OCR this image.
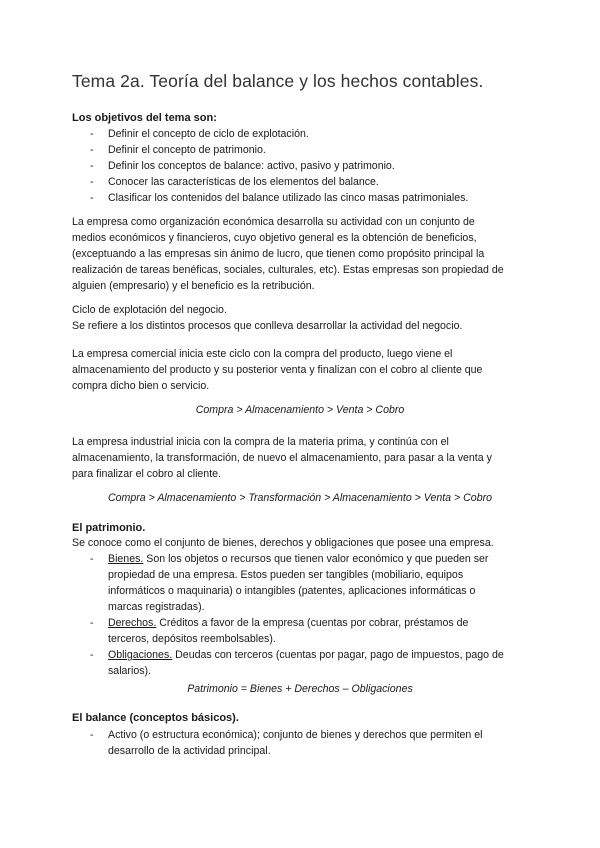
Tema 2a. Teoría del balance y los hechos contables.

Los objetivos del tema son:

- Definir el concepto de ciclo de explotación.
- Definir el concepto de patrimonio.
- Definir los conceptos de balance: activo, pasivo y patrimonio.
- Conocer las características de los elementos del balance.
- Clasificar los contenidos del balance utilizado las cinco masas patrimoniales.
La empresa como organización económica desarrolla su actividad con un conjunto de
medios económicos y financieros, cuyo objetivo general es la obtención de beneficios,
(exceptuando a las empresas sin ánimo de lucro, que tienen como propósito principal la
realización de tareas benéficas, sociales, culturales, etc). Estas empresas son propiedad de
alguien (empresario) y el beneficio es la retribución.
Ciclo de explotación del negocio.
Se refiere a los distintos procesos que conlleva desarrollar la actividad del negocio.
La empresa comercial inicia este ciclo con la compra del producto, luego viene el
almacenamiento del producto y su posterior venta y finalizan con el cobro al cliente que
compra dicho bien o servicio.

Compra > Almacenamiento > Venta > Cobro

La empresa industrial inicia con la compra de la materia prima, y continúa con el
almacenamiento, la transformación, de nuevo el almacenamiento, para pasar a la venta y
para finalizar el cobro al cliente.

Compra > Almacenamiento > Transformación > Almacenamiento > Venta > Cobro

El patrimonio.

Se conoce como el conjunto de bienes, derechos y obligaciones que posee una empresa.
- Bienes. Son los objetos o recursos que tienen valor económico y que pueden ser
propiedad de una empresa. Estos pueden ser tangibles (mobiliario, equipos
informáticos o maquinaria) o intangibles (patentes, aplicaciones informáticas o
marcas registradas).
- Derechos. Créditos a favor de la empresa (cuentas por cobrar, préstamos de
terceros, depósitos reembolsables).
- Obligaciones. Deudas con terceros (cuentas por pagar, pago de impuestos, pago de
salarios).

Patrimonio = Bienes + Derechos – Obligaciones

El balance (conceptos básicos).

- Activo (o estructura económica); conjunto de bienes y derechos que permiten el
desarrollo de la actividad principal.
